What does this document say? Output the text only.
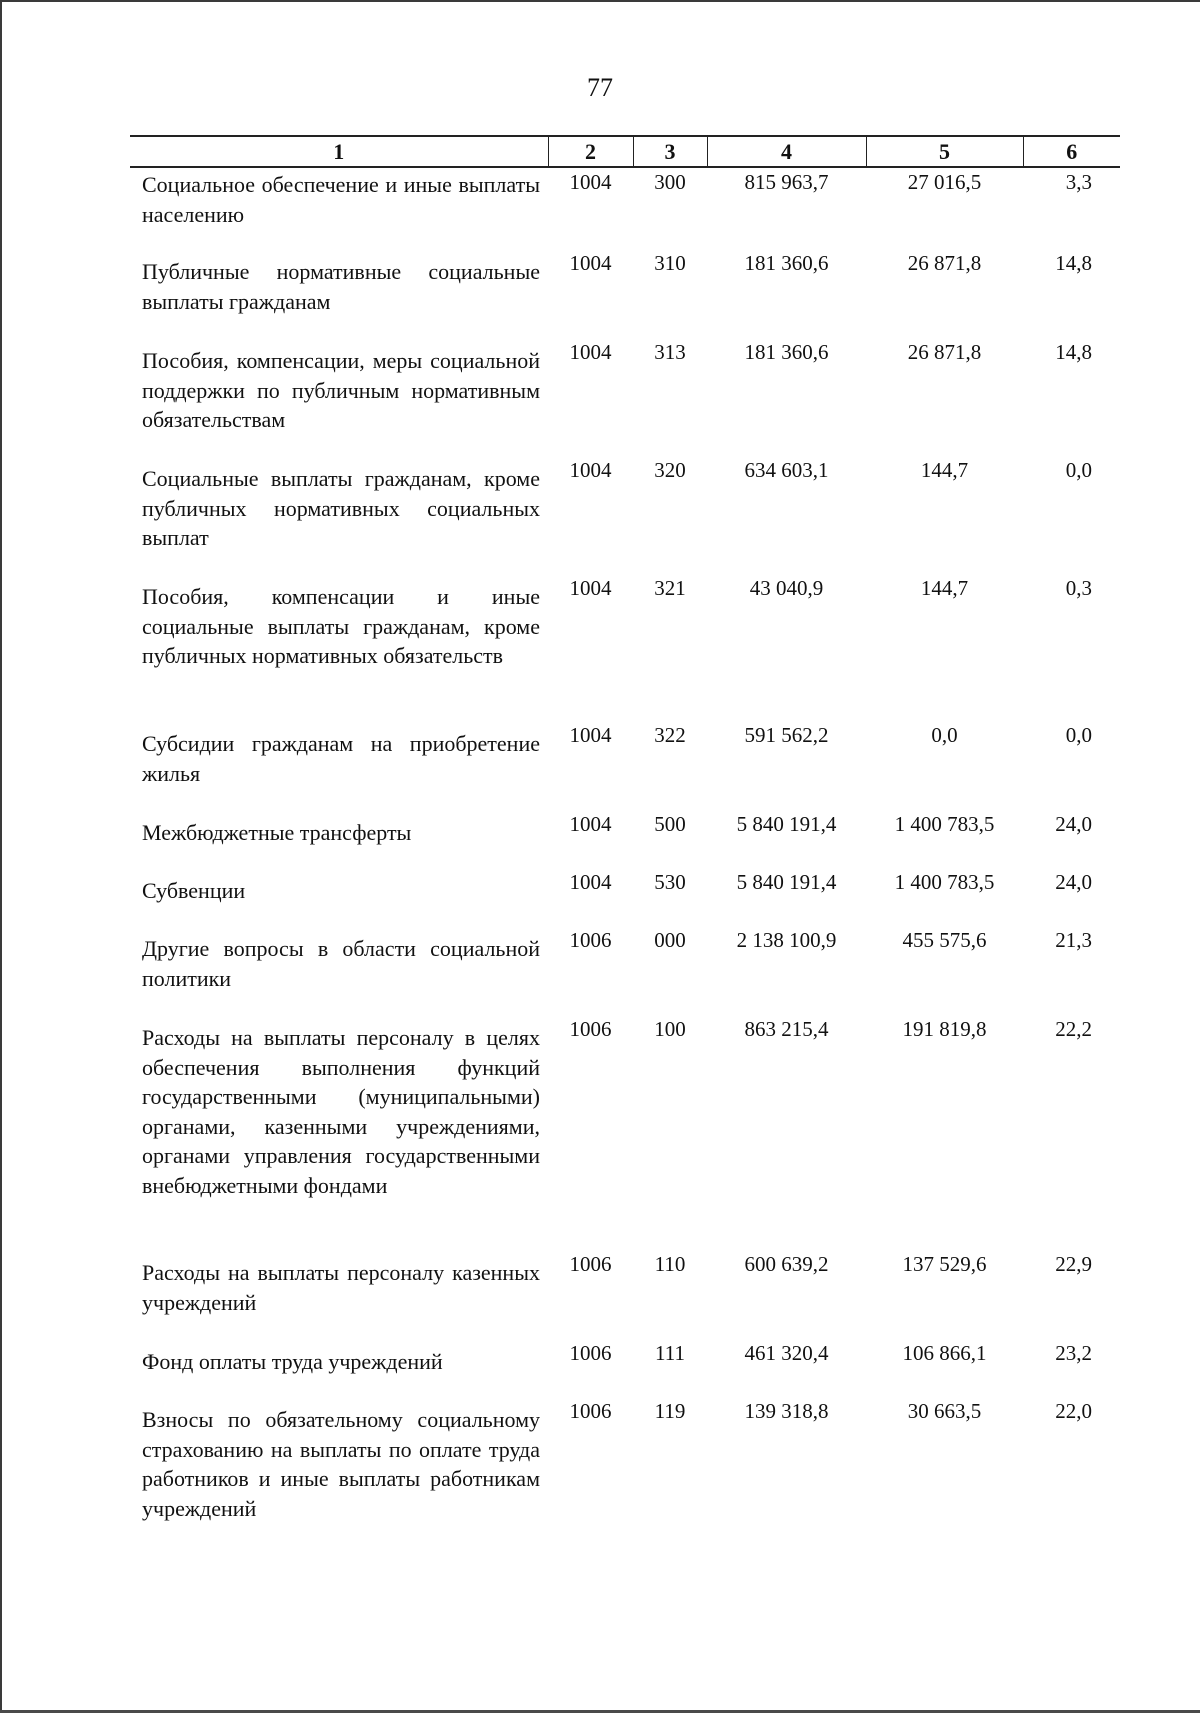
77
1	2	3	4	5	6
Социальное обеспечение и иные выплаты населению	1004	300	815 963,7	27 016,5	3,3
Публичные нормативные социальные выплаты гражданам	1004	310	181 360,6	26 871,8	14,8
Пособия, компенсации, меры социальной поддержки по публичным нормативным обязательствам	1004	313	181 360,6	26 871,8	14,8
Социальные выплаты гражданам, кроме публичных нормативных социальных выплат	1004	320	634 603,1	144,7	0,0
Пособия, компенсации и иные социальные выплаты гражданам, кроме публичных нормативных обязательств	1004	321	43 040,9	144,7	0,3
Субсидии гражданам на приобретение жилья	1004	322	591 562,2	0,0	0,0
Межбюджетные трансферты	1004	500	5 840 191,4	1 400 783,5	24,0
Субвенции	1004	530	5 840 191,4	1 400 783,5	24,0
Другие вопросы в области социальной политики	1006	000	2 138 100,9	455 575,6	21,3
Расходы на выплаты персоналу в целях обеспечения выполнения функций государственными (муниципальными) органами, казенными учреждениями, органами управления государственными внебюджетными фондами	1006	100	863 215,4	191 819,8	22,2
Расходы на выплаты персоналу казенных учреждений	1006	110	600 639,2	137 529,6	22,9
Фонд оплаты труда учреждений	1006	111	461 320,4	106 866,1	23,2
Взносы по обязательному социальному страхованию на выплаты по оплате труда работников и иные выплаты работникам учреждений	1006	119	139 318,8	30 663,5	22,0
